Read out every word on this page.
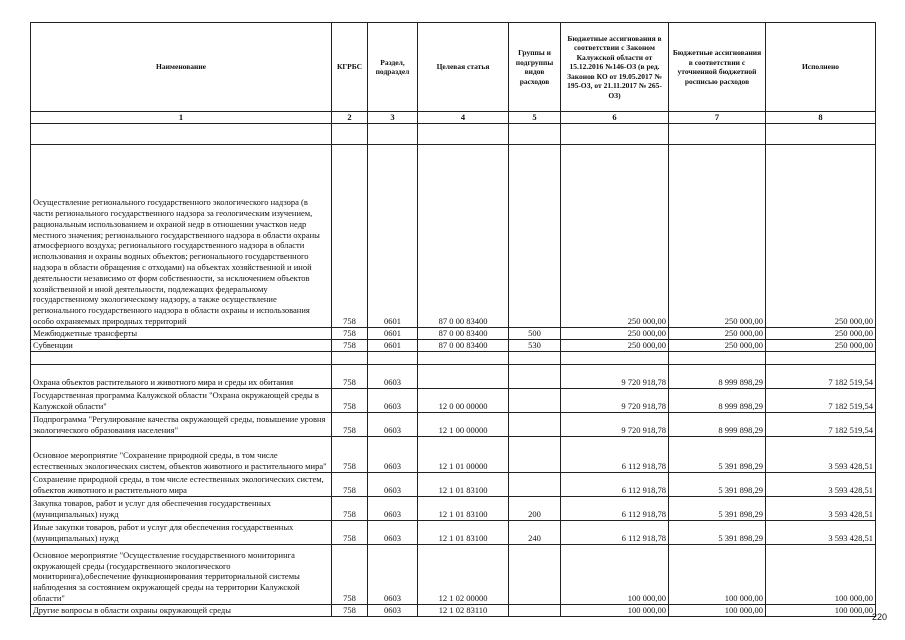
Наименование	КГРБС	Раздел, подраздел	Целевая статья	Группы и подгруппы видов расходов	Бюджетные ассигнования в соответствии с Законом Калужской области от 15.12.2016 №146-ОЗ (в ред. Законов КО от 19.05.2017 № 195-ОЗ, от 21.11.2017 № 265-ОЗ)	Бюджетные ассигнования в соответствии с уточненной бюджетной росписью расходов	Исполнено
1	2	3	4	5	6	7	8

Осуществление регионального государственного экологического надзора (в части регионального государственного надзора за геологическим изучением, рациональным использованием и охраной недр в отношении участков недр местного значения; регионального государственного надзора в области охраны атмосферного воздуха; регионального государственного надзора в области использования и охраны водных объектов; регионального государственного надзора в области обращения с отходами) на объектах хозяйственной и иной деятельности независимо от форм собственности, за исключением объектов хозяйственной и иной деятельности, подлежащих федеральному государственному экологическому надзору, а также осуществление регионального государственного надзора в области охраны и использования особо охраняемых природных территорий	758	0601	87 0 00 83400		250 000,00	250 000,00	250 000,00
Межбюджетные трансферты	758	0601	87 0 00 83400	500	250 000,00	250 000,00	250 000,00
Субвенции	758	0601	87 0 00 83400	530	250 000,00	250 000,00	250 000,00

Охрана объектов растительного и животного мира и среды их обитания	758	0603			9 720 918,78	8 999 898,29	7 182 519,54
Государственная программа Калужской области "Охрана окружающей среды в Калужской области"	758	0603	12 0 00 00000		9 720 918,78	8 999 898,29	7 182 519,54
Подпрограмма "Регулирование качества окружающей среды, повышение уровня экологического образования населения"	758	0603	12 1 00 00000		9 720 918,78	8 999 898,29	7 182 519,54
Основное мероприятие "Сохранение природной среды, в том числе естественных экологических систем, объектов животного и растительного мира"	758	0603	12 1 01 00000		6 112 918,78	5 391 898,29	3 593 428,51
Сохранение природной среды, в том числе естественных экологических систем, объектов животного и растительного мира	758	0603	12 1 01 83100		6 112 918,78	5 391 898,29	3 593 428,51
Закупка товаров, работ и услуг для обеспечения государственных (муниципальных) нужд	758	0603	12 1 01 83100	200	6 112 918,78	5 391 898,29	3 593 428,51
Иные закупки товаров, работ и услуг для обеспечения государственных (муниципальных) нужд	758	0603	12 1 01 83100	240	6 112 918,78	5 391 898,29	3 593 428,51
Основное мероприятие "Осуществление государственного мониторинга окружающей среды (государственного экологического мониторинга),обеспечение функционирования территориальной системы наблюдения за состоянием окружающей среды на территории Калужской области"	758	0603	12 1 02 00000		100 000,00	100 000,00	100 000,00
Другие вопросы в области охраны окружающей среды	758	0603	12 1 02 83110		100 000,00	100 000,00	100 000,00
220
